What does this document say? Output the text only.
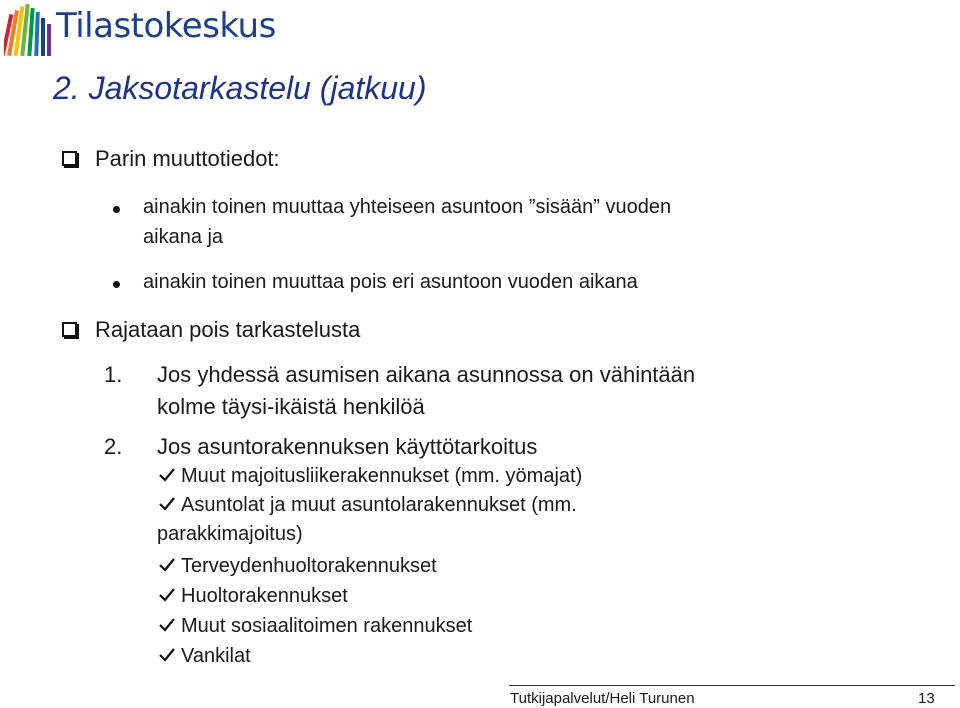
Tilastokeskus
2. Jaksotarkastelu (jatkuu)
Parin muuttotiedot:
ainakin toinen muuttaa yhteiseen asuntoon ”sisään” vuoden
aikana ja
ainakin toinen muuttaa pois eri asuntoon vuoden aikana
Rajataan pois tarkastelusta
1. Jos yhdessä asumisen aikana asunnossa on vähintään
kolme täysi-ikäistä henkilöä
2. Jos asuntorakennuksen käyttötarkoitus
Muut majoitusliikerakennukset (mm. yömajat)
Asuntolat ja muut asuntolarakennukset (mm.
parakkimajoitus)
Terveydenhuoltorakennukset
Huoltorakennukset
Muut sosiaalitoimen rakennukset
Vankilat
Tutkijapalvelut/Heli Turunen	13
